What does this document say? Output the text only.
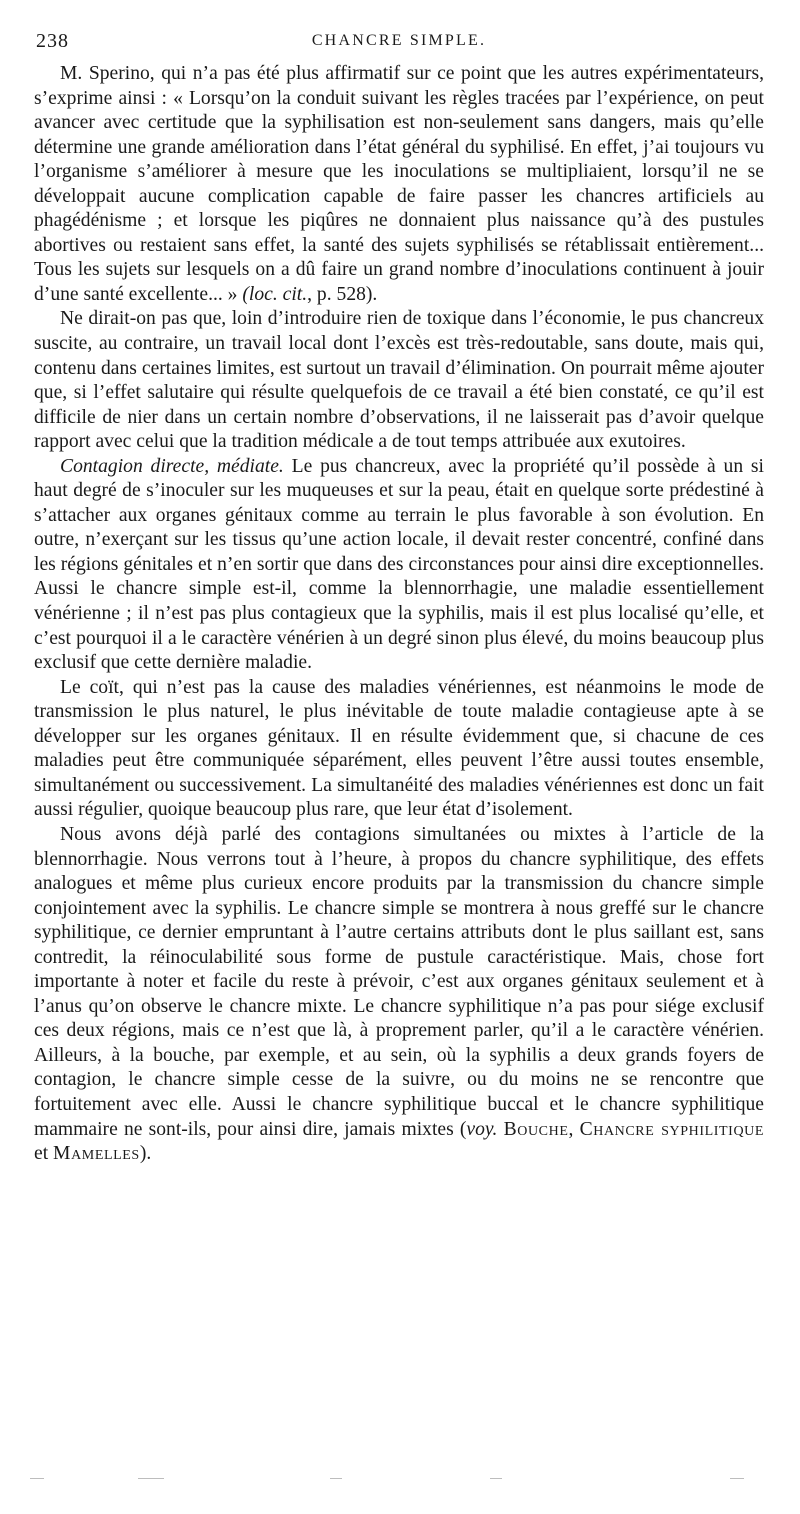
238	CHANCRE SIMPLE.

M. Sperino, qui n’a pas été plus affirmatif sur ce point que les autres expérimentateurs, s’exprime ainsi : « Lorsqu’on la conduit suivant les règles tracées par l’expérience, on peut avancer avec certitude que la syphilisation est non-seulement sans dangers, mais qu’elle détermine une grande amélioration dans l’état général du syphilisé. En effet, j’ai toujours vu l’organisme s’améliorer à mesure que les inoculations se multipliaient, lorsqu’il ne se développait aucune complication capable de faire passer les chancres artificiels au phagédénisme ; et lorsque les piqûres ne donnaient plus naissance qu’à des pustules abortives ou restaient sans effet, la santé des sujets syphilisés se rétablissait entièrement... Tous les sujets sur lesquels on a dû faire un grand nombre d’inoculations continuent à jouir d’une santé excellente... » (loc. cit., p. 528).

Ne dirait-on pas que, loin d’introduire rien de toxique dans l’économie, le pus chancreux suscite, au contraire, un travail local dont l’excès est très-redoutable, sans doute, mais qui, contenu dans certaines limites, est surtout un travail d’élimination. On pourrait même ajouter que, si l’effet salutaire qui résulte quelquefois de ce travail a été bien constaté, ce qu’il est difficile de nier dans un certain nombre d’observations, il ne laisserait pas d’avoir quelque rapport avec celui que la tradition médicale a de tout temps attribuée aux exutoires.

Contagion directe, médiate. Le pus chancreux, avec la propriété qu’il possède à un si haut degré de s’inoculer sur les muqueuses et sur la peau, était en quelque sorte prédestiné à s’attacher aux organes génitaux comme au terrain le plus favorable à son évolution. En outre, n’exerçant sur les tissus qu’une action locale, il devait rester concentré, confiné dans les régions génitales et n’en sortir que dans des circonstances pour ainsi dire exceptionnelles. Aussi le chancre simple est-il, comme la blennorrhagie, une maladie essentiellement vénérienne ; il n’est pas plus contagieux que la syphilis, mais il est plus localisé qu’elle, et c’est pourquoi il a le caractère vénérien à un degré sinon plus élevé, du moins beaucoup plus exclusif que cette dernière maladie.

Le coït, qui n’est pas la cause des maladies vénériennes, est néanmoins le mode de transmission le plus naturel, le plus inévitable de toute maladie contagieuse apte à se développer sur les organes génitaux. Il en résulte évidemment que, si chacune de ces maladies peut être communiquée séparément, elles peuvent l’être aussi toutes ensemble, simultanément ou successivement. La simultanéité des maladies vénériennes est donc un fait aussi régulier, quoique beaucoup plus rare, que leur état d’isolement.

Nous avons déjà parlé des contagions simultanées ou mixtes à l’article de la blennorrhagie. Nous verrons tout à l’heure, à propos du chancre syphilitique, des effets analogues et même plus curieux encore produits par la transmission du chancre simple conjointement avec la syphilis. Le chancre simple se montrera à nous greffé sur le chancre syphilitique, ce dernier empruntant à l’autre certains attributs dont le plus saillant est, sans contredit, la réinoculabilité sous forme de pustule caractéristique. Mais, chose fort importante à noter et facile du reste à prévoir, c’est aux organes génitaux seulement et à l’anus qu’on observe le chancre mixte. Le chancre syphilitique n’a pas pour siége exclusif ces deux régions, mais ce n’est que là, à proprement parler, qu’il a le caractère vénérien. Ailleurs, à la bouche, par exemple, et au sein, où la syphilis a deux grands foyers de contagion, le chancre simple cesse de la suivre, ou du moins ne se rencontre que fortuitement avec elle. Aussi le chancre syphilitique buccal et le chancre syphilitique mammaire ne sont-ils, pour ainsi dire, jamais mixtes (voy. Bouche, Chancre syphilitique et Mamelles).
